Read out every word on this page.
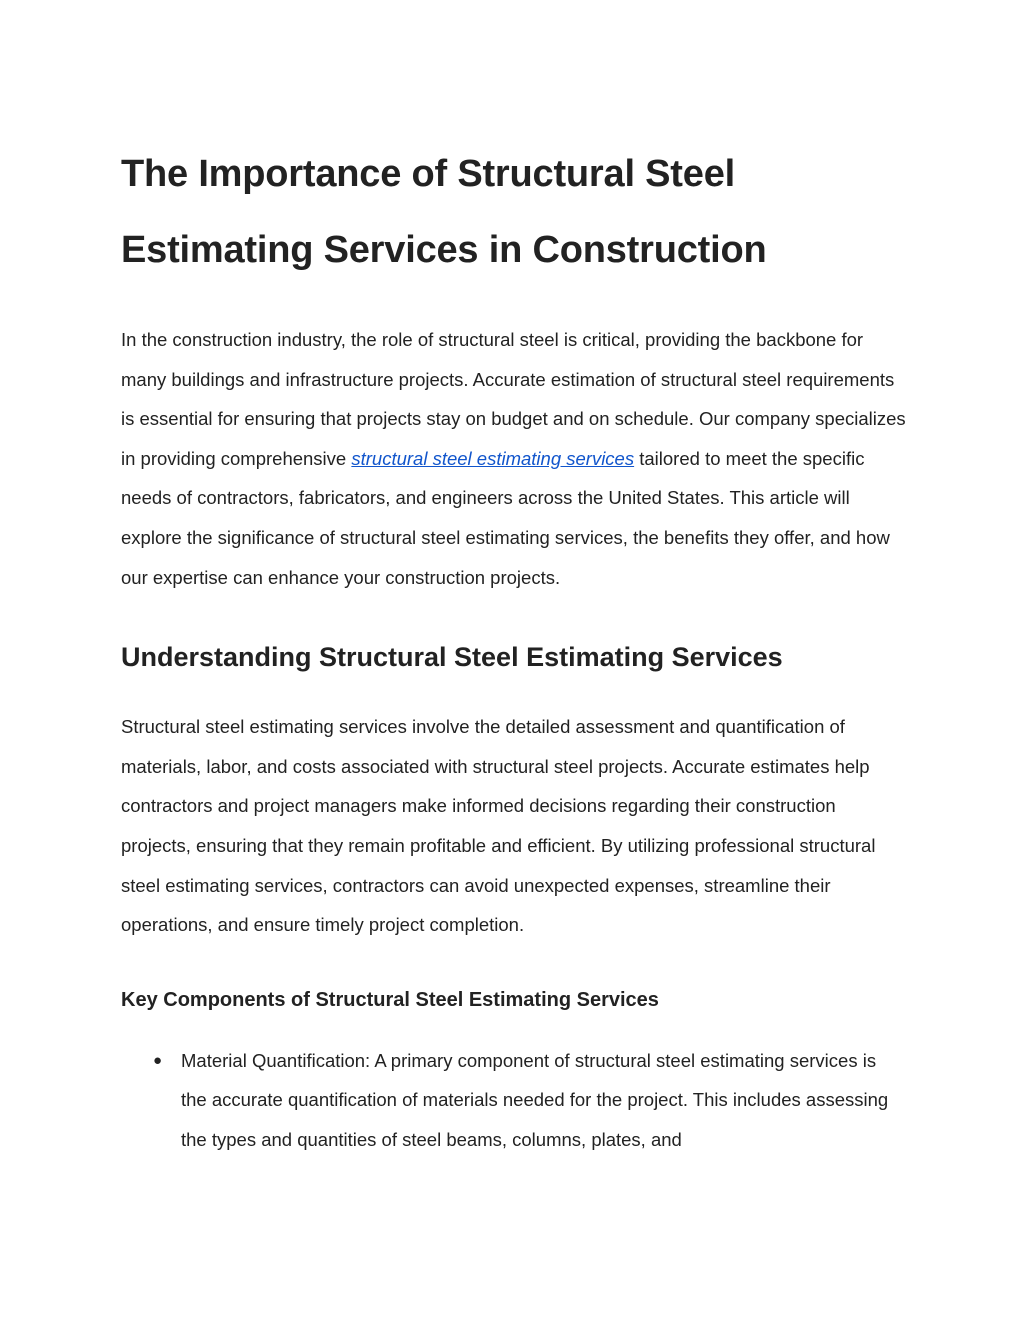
The Importance of Structural Steel Estimating Services in Construction

In the construction industry, the role of structural steel is critical, providing the backbone for many buildings and infrastructure projects. Accurate estimation of structural steel requirements is essential for ensuring that projects stay on budget and on schedule. Our company specializes in providing comprehensive structural steel estimating services tailored to meet the specific needs of contractors, fabricators, and engineers across the United States. This article will explore the significance of structural steel estimating services, the benefits they offer, and how our expertise can enhance your construction projects.

Understanding Structural Steel Estimating Services

Structural steel estimating services involve the detailed assessment and quantification of materials, labor, and costs associated with structural steel projects. Accurate estimates help contractors and project managers make informed decisions regarding their construction projects, ensuring that they remain profitable and efficient. By utilizing professional structural steel estimating services, contractors can avoid unexpected expenses, streamline their operations, and ensure timely project completion.

Key Components of Structural Steel Estimating Services
● Material Quantification: A primary component of structural steel estimating services is the accurate quantification of materials needed for the project. This includes assessing the types and quantities of steel beams, columns, plates, and
